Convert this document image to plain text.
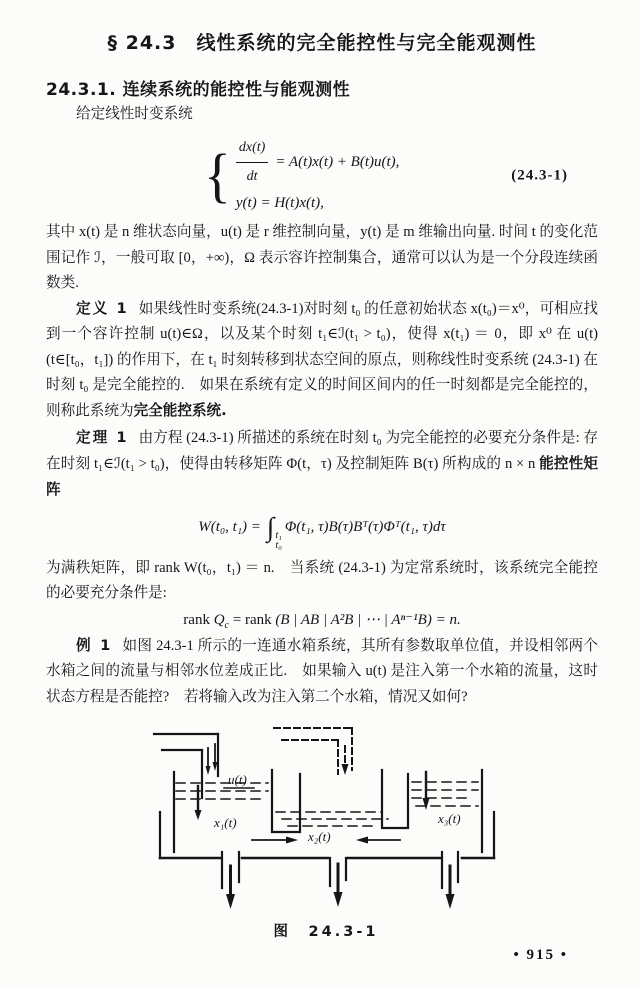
§ 24.3　线性系统的完全能控性与完全能观测性
24.3.1. 连续系统的能控性与能观测性

给定线性时变系统

{ $\frac{dx(t)}{dt} = A(t)x(t) + B(t)u(t)$,
y(t) = H(t)x(t),
(24.3-1)

其中 x(t) 是 n 维状态向量，u(t) 是 r 维控制向量，y(t) 是 m 维输出向量. 时间 t 的变化范围记作 ℐ，一般可取 [0，+∞)，Ω 表示容许控制集合，通常可以认为是一个分段连续函数类.

定义 1 如果线性时变系统(24.3-1)对时刻 t₀ 的任意初始状态 x(t₀)＝x⁰，可相应找到一个容许控制 u(t)∈Ω，以及某个时刻 t₁∈ℐ(t₁ > t₀)，使得 x(t₁) ＝ 0，即 x⁰ 在 u(t)(t∈[t₀，t₁]) 的作用下，在 t₁ 时刻转移到状态空间的原点，则称线性时变系统 (24.3-1) 在时刻 t₀ 是完全能控的.　如果在系统有定义的时间区间内的任一时刻都是完全能控的，则称此系统为完全能控系统.

定理 1 由方程 (24.3-1) 所描述的系统在时刻 t₀ 为完全能控的必要充分条件是: 存在时刻 t₁∈ℐ(t₁ > t₀)，使得由转移矩阵 Φ(t，τ) 及控制矩阵 B(τ) 所构成的 n × n 能控性矩阵

W(t₀, t₁) = ∫ t₁
t₀
Φ(t₁, τ)B(τ)Bᵀ(τ)Φᵀ(t₁, τ)dτ

为满秩矩阵，即 rank W(t₀，t₁) ＝ n.　当系统 (24.3-1) 为定常系统时，该系统完全能控的必要充分条件是:

rank $Q_c$ = rank (B | AB | A²B | ⋯ | Aⁿ⁻¹B) = n.

例 1 如图 24.3-1 所示的一连通水箱系统，其所有参数取单位值，并设相邻两个水箱之间的流量与相邻水位差成正比.　如果输入 u(t) 是注入第一个水箱的流量，这时状态方程是否能控?　若将输入改为注入第二个水箱，情况又如何?

u(t)
x₁(t)
x₂(t)
x₃(t)
图　24.3-1
• 915 •
